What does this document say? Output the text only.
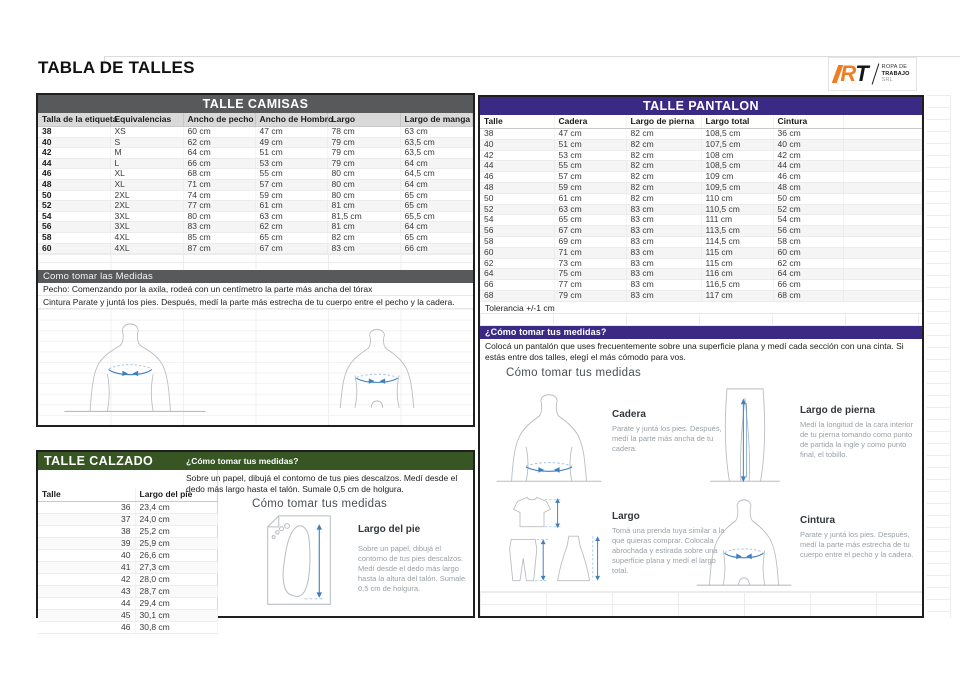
TABLA DE TALLES	R T ROPA DE
TRABAJO
SRL
TALLE CAMISAS
Talla de la etiqueta	Equivalencias	Ancho de pecho	Ancho de Hombro	Largo	Largo de manga
38	XS	60 cm	47 cm	78 cm	63 cm
40	S	62 cm	49 cm	79 cm	63,5 cm
42	M	64 cm	51 cm	79 cm	63,5 cm
44	L	66 cm	53 cm	79 cm	64 cm
46	XL	68 cm	55 cm	80 cm	64,5 cm
48	XL	71 cm	57 cm	80 cm	64 cm
50	2XL	74 cm	59 cm	80 cm	65 cm
52	2XL	77 cm	61 cm	81 cm	65 cm
54	3XL	80 cm	63 cm	81,5 cm	65,5 cm
56	3XL	83 cm	62 cm	81 cm	64 cm
58	4XL	85 cm	65 cm	82 cm	65 cm
60	4XL	87 cm	67 cm	83 cm	66 cm
Como tomar las Medidas
Pecho: Comenzando por la axila, rodeá con un centímetro la parte más ancha del tórax
Cintura Parate y juntá los pies. Después, medí la parte más estrecha de tu cuerpo entre el pecho y la cadera.
TALLE PANTALON
Talle	Cadera	Largo de pierna	Largo total	Cintura	
38	47 cm	82 cm	108,5 cm	36 cm	
40	51 cm	82 cm	107,5 cm	40 cm	
42	53 cm	82 cm	108 cm	42 cm	
44	55 cm	82 cm	108,5 cm	44 cm	
46	57 cm	82 cm	109 cm	46 cm	
48	59 cm	82 cm	109,5 cm	48 cm	
50	61 cm	82 cm	110 cm	50 cm	
52	63 cm	83 cm	110,5 cm	52 cm	
54	65 cm	83 cm	111 cm	54 cm	
56	67 cm	83 cm	113,5 cm	56 cm	
58	69 cm	83 cm	114,5 cm	58 cm	
60	71 cm	83 cm	115 cm	60 cm	
62	73 cm	83 cm	115 cm	62 cm	
64	75 cm	83 cm	116 cm	64 cm	
66	77 cm	83 cm	116,5 cm	66 cm	
68	79 cm	83 cm	117 cm	68 cm	
Tolerancia +/-1 cm
¿Cómo tomar tus medidas?
Colocá un pantalón que uses frecuentemente sobre una superficie plana y medí cada sección con una cinta. Si estás entre dos talles, elegí el más cómodo para vos.
Cómo tomar tus medidas
Cadera
Parate y juntá los pies. Después, medí la parte más ancha de tu cadera.
Largo de pierna
Medí la longitud de la cara interior de tu pierna tomando como punto de partida la ingle y como punto final, el tobillo.
Largo
Tomá una prenda tuya similar a la que quieras comprar. Colocala abrochada y estirada sobre una superficie plana y medí el largo total.
Cintura
Parate y juntá los pies. Después, medí la parte más estrecha de tu cuerpo entre el pecho y la cadera.
TALLE CALZADO	¿Cómo tomar tus medidas?
Talle	Largo del pie
36	23,4 cm
37	24,0 cm
38	25,2 cm
39	25,9 cm
40	26,6 cm
41	27,3 cm
42	28,0 cm
43	28,7 cm
44	29,4 cm
45	30,1 cm
46	30,8 cm
Sobre un papel, dibujá el contorno de tus pies descalzos. Medí desde el dedo más largo hasta el talón. Sumale 0,5 cm de holgura.
Cómo tomar tus medidas
Largo del pie
Sobre un papel, dibujá el contorno de tus pies descalzos. Medí desde el dedo más largo hasta la altura del talón. Sumale 0,5 cm de holgura.
